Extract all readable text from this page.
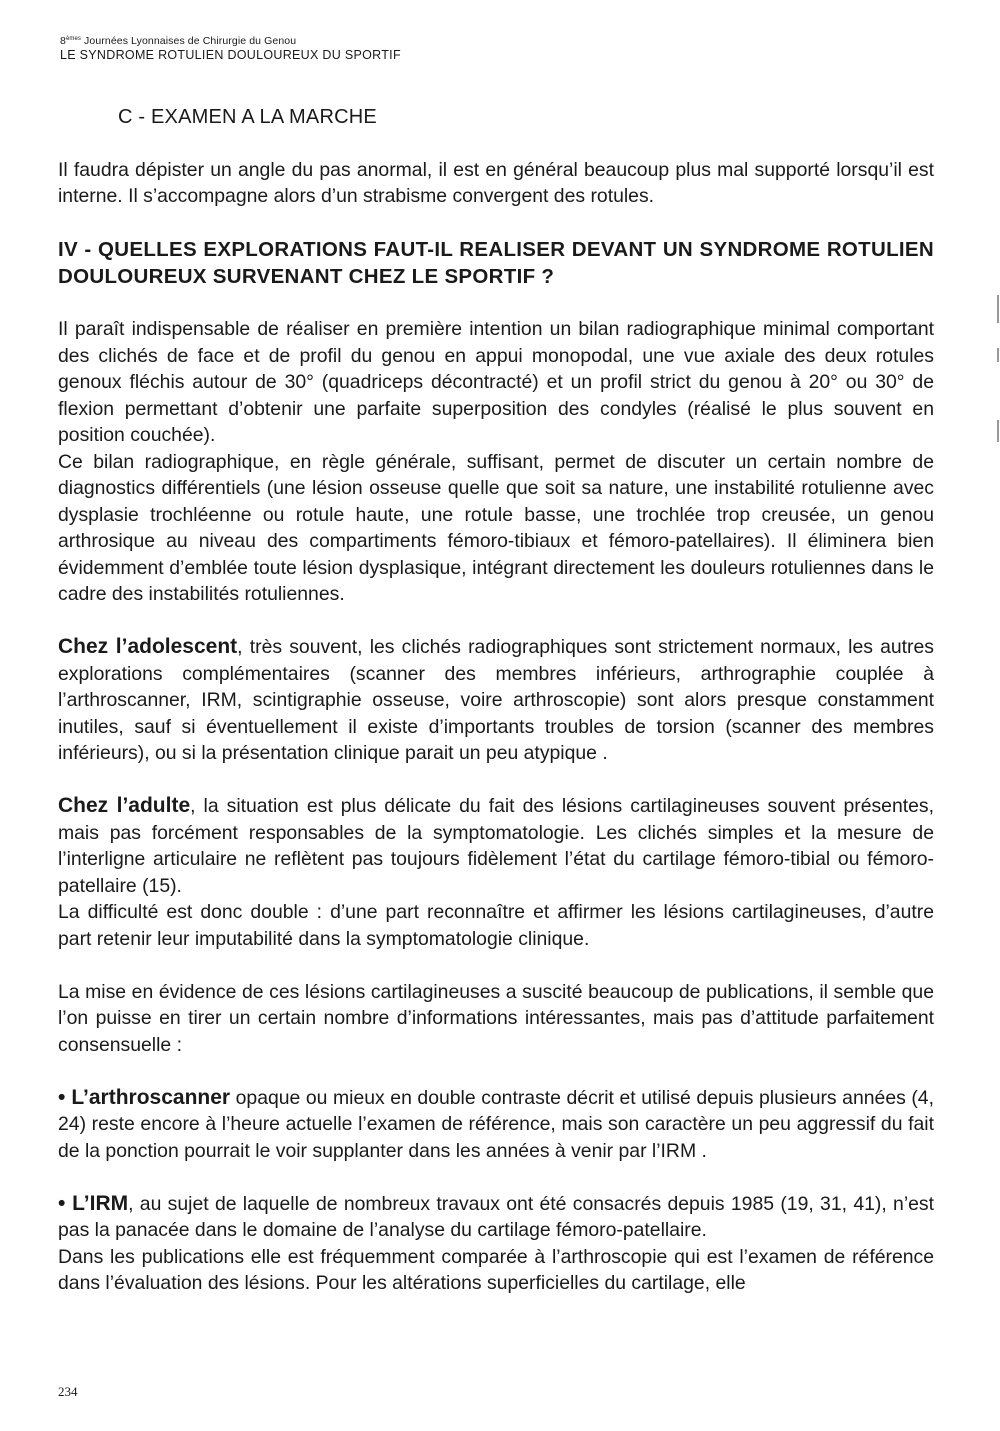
8èmes Journées Lyonnaises de Chirurgie du Genou
LE SYNDROME ROTULIEN DOULOUREUX DU SPORTIF
C - EXAMEN A LA MARCHE

Il faudra dépister un angle du pas anormal, il est en général beaucoup plus mal supporté lorsqu’il est interne. Il s’accompagne alors d’un strabisme convergent des rotules.

IV - QUELLES EXPLORATIONS FAUT-IL REALISER DEVANT UN SYNDROME ROTULIEN DOULOUREUX SURVENANT CHEZ LE SPORTIF ?

Il paraît indispensable de réaliser en première intention un bilan radiographique minimal comportant des clichés de face et de profil du genou en appui monopodal, une vue axiale des deux rotules genoux fléchis autour de 30° (quadriceps décontracté) et un profil strict du genou à 20° ou 30° de flexion permettant d’obtenir une parfaite superposition des condyles (réalisé le plus souvent en position couchée).

Ce bilan radiographique, en règle générale, suffisant, permet de discuter un certain nombre de diagnostics différentiels (une lésion osseuse quelle que soit sa nature, une instabilité rotulienne avec dysplasie trochléenne ou rotule haute, une rotule basse, une trochlée trop creusée, un genou arthrosique au niveau des compartiments fémoro-tibiaux et fémoro-patellaires). Il éliminera bien évidemment d’emblée toute lésion dysplasique, intégrant directement les douleurs rotuliennes dans le cadre des instabilités rotuliennes.

Chez l’adolescent, très souvent, les clichés radiographiques sont strictement normaux, les autres explorations complémentaires (scanner des membres inférieurs, arthrographie couplée à l’arthroscanner, IRM, scintigraphie osseuse, voire arthroscopie) sont alors presque constamment inutiles, sauf si éventuellement il existe d’importants troubles de torsion (scanner des membres inférieurs), ou si la présentation clinique parait un peu atypique .

Chez l’adulte, la situation est plus délicate du fait des lésions cartilagineuses souvent présentes, mais pas forcément responsables de la symptomatologie. Les clichés simples et la mesure de l’interligne articulaire ne reflètent pas toujours fidèlement l’état du cartilage fémoro-tibial ou fémoro-patellaire (15).

La difficulté est donc double : d’une part reconnaître et affirmer les lésions cartilagineuses, d’autre part retenir leur imputabilité dans la symptomatologie clinique.

La mise en évidence de ces lésions cartilagineuses a suscité beaucoup de publications, il semble que l’on puisse en tirer un certain nombre d’informations intéressantes, mais pas d’attitude parfaitement consensuelle :

• L’arthroscanner opaque ou mieux en double contraste décrit et utilisé depuis plusieurs années (4, 24) reste encore à l’heure actuelle l’examen de référence, mais son caractère un peu aggressif du fait de la ponction pourrait le voir supplanter dans les années à venir par l’IRM .

• L’IRM, au sujet de laquelle de nombreux travaux ont été consacrés depuis 1985 (19, 31, 41), n’est pas la panacée dans le domaine de l’analyse du cartilage fémoro-patellaire.

Dans les publications elle est fréquemment comparée à l’arthroscopie qui est l’examen de référence dans l’évaluation des lésions. Pour les altérations superficielles du cartilage, elle

234
